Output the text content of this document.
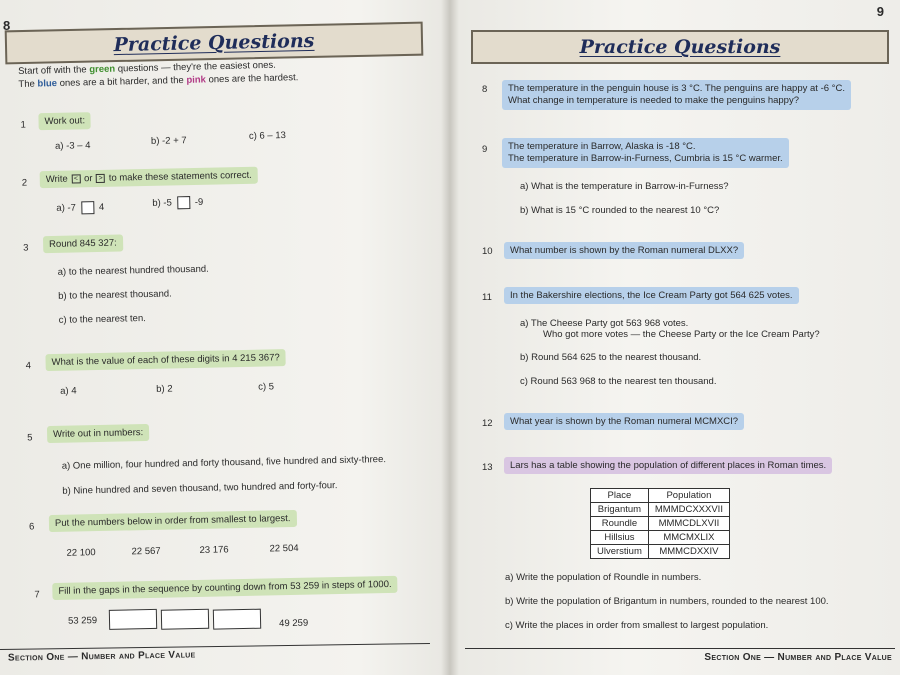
8
Practice Questions
Start off with the green questions — they're the easiest ones.
The blue ones are a bit harder, and the pink ones are the hardest.
1	Work out:
a) -3 – 4	b) -2 + 7	c) 6 – 13
2	Write < or > to make these statements correct.
a) -7 4	b) -5 -9
3	Round 845 327:
a) to the nearest hundred thousand.
b) to the nearest thousand.
c) to the nearest ten.
4	What is the value of each of these digits in 4 215 367?
a) 4	b) 2	c) 5
5	Write out in numbers:
a) One million, four hundred and forty thousand, five hundred and sixty-three.
b) Nine hundred and seven thousand, two hundred and forty-four.
6	Put the numbers below in order from smallest to largest.
22 100	22 567	23 176	22 504
7	Fill in the gaps in the sequence by counting down from 53 259 in steps of 1000.
53 259	49 259
Section One — Number and Place Value
9
Practice Questions
8 The temperature in the penguin house is 3 °C. The penguins are happy at -6 °C.
What change in temperature is needed to make the penguins happy?
9 The temperature in Barrow, Alaska is -18 °C.
The temperature in Barrow-in-Furness, Cumbria is 15 °C warmer.
a) What is the temperature in Barrow-in-Furness?
b) What is 15 °C rounded to the nearest 10 °C?
10	What number is shown by the Roman numeral DLXX?
11	In the Bakershire elections, the Ice Cream Party got 564 625 votes.
a) The Cheese Party got 563 968 votes.
Who got more votes — the Cheese Party or the Ice Cream Party?
b) Round 564 625 to the nearest thousand.
c) Round 563 968 to the nearest ten thousand.
12	What year is shown by the Roman numeral MCMXCI?
13	Lars has a table showing the population of different places in Roman times.
Place	Population
Brigantum	MMMDCXXXVII
Roundle	MMMCDLXVII
Hillsius	MMCMXLIX
Ulverstium	MMMCDXXIV
a) Write the population of Roundle in numbers.
b) Write the population of Brigantum in numbers, rounded to the nearest 100.
c) Write the places in order from smallest to largest population.
Section One — Number and Place Value
